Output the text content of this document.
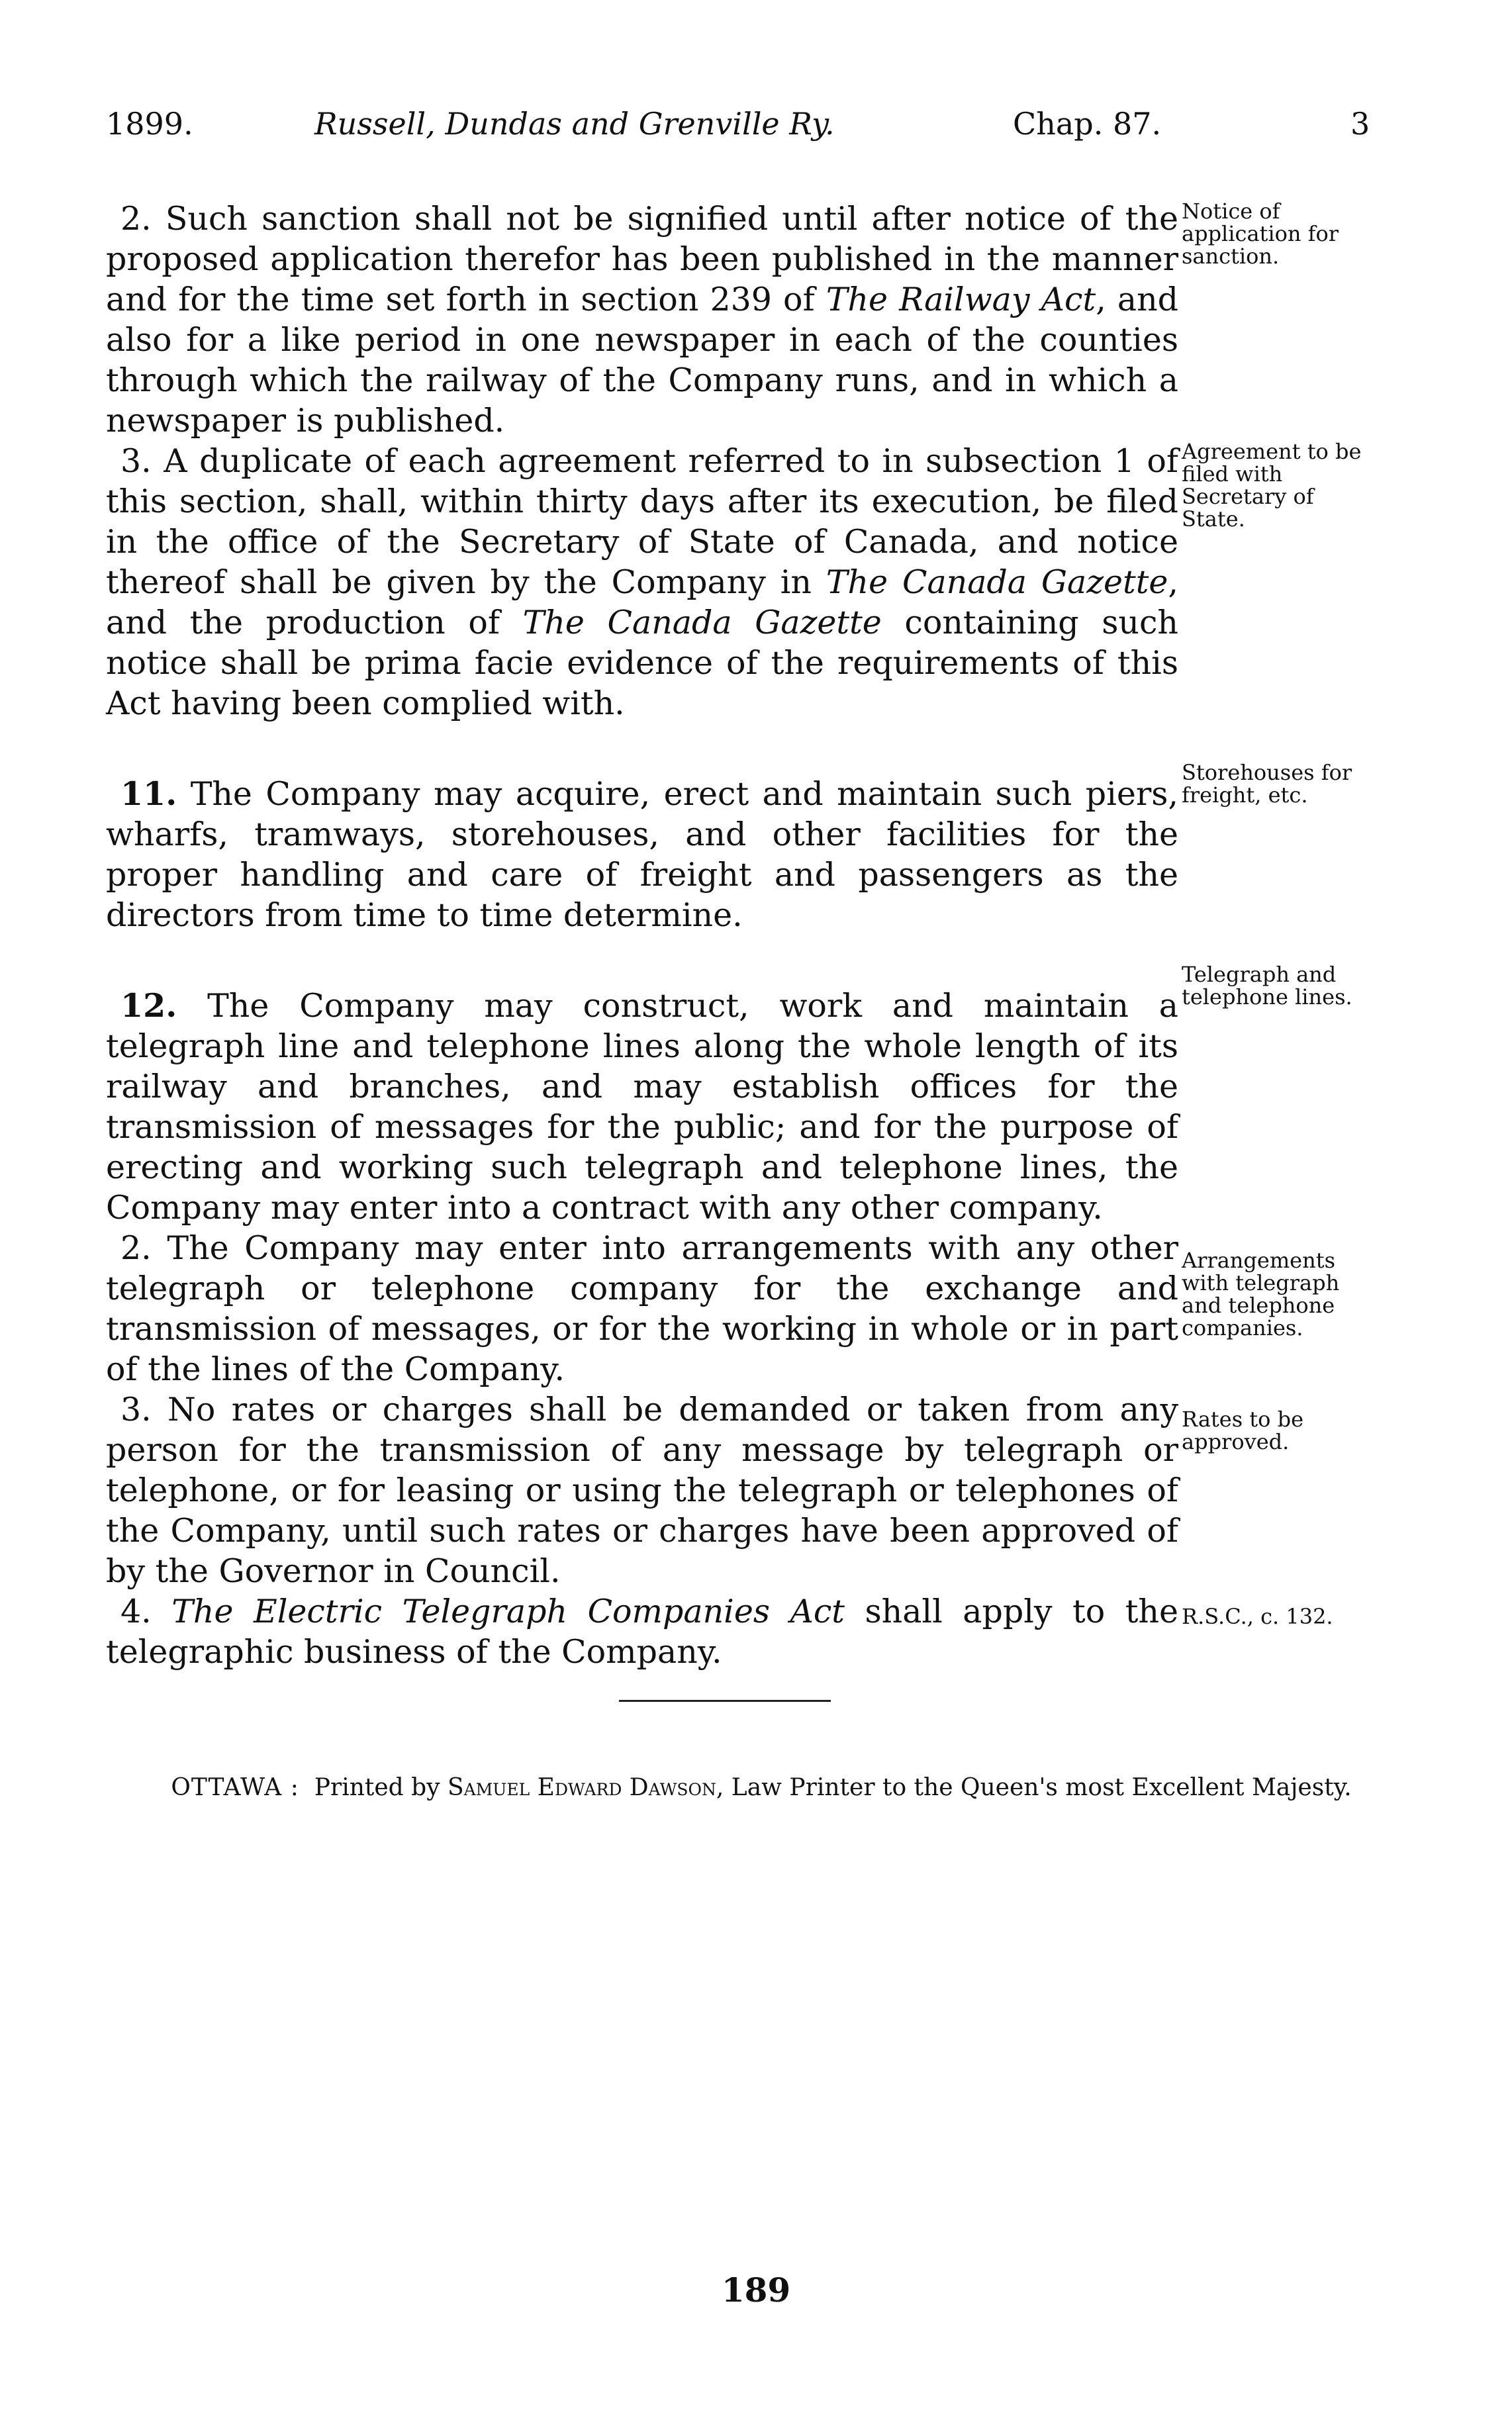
1899.	Russell, Dundas and Grenville Ry.	Chap. 87.	3

2. Such sanction shall not be signified until after notice of the proposed application therefor has been published in the manner and for the time set forth in section 239 of The Railway Act, and also for a like period in one newspaper in each of the counties through which the railway of the Company runs, and in which a newspaper is published.

3. A duplicate of each agreement referred to in subsection 1 of this section, shall, within thirty days after its execution, be filed in the office of the Secretary of State of Canada, and notice thereof shall be given by the Company in The Canada Gazette, and the production of The Canada Gazette containing such notice shall be prima facie evidence of the requirements of this Act having been complied with.

11. The Company may acquire, erect and maintain such piers, wharfs, tramways, storehouses, and other facilities for the proper handling and care of freight and passengers as the directors from time to time determine.

12. The Company may construct, work and maintain a telegraph line and telephone lines along the whole length of its railway and branches, and may establish offices for the transmission of messages for the public; and for the purpose of erecting and working such telegraph and telephone lines, the Company may enter into a contract with any other company.

2. The Company may enter into arrangements with any other telegraph or telephone company for the exchange and transmission of messages, or for the working in whole or in part of the lines of the Company.

3. No rates or charges shall be demanded or taken from any person for the transmission of any message by telegraph or telephone, or for leasing or using the telegraph or telephones of the Company, until such rates or charges have been approved of by the Governor in Council.

4. The Electric Telegraph Companies Act shall apply to the telegraphic business of the Company.

Notice of application for sanction.
Agreement to be filed with Secretary of State.
Storehouses for freight, etc.
Telegraph and telephone lines.
Arrangements with telegraph and telephone companies.
Rates to be approved.
R.S.C., c. 132.
OTTAWA : Printed by Samuel Edward Dawson, Law Printer to the Queen's most Excellent Majesty.
189
